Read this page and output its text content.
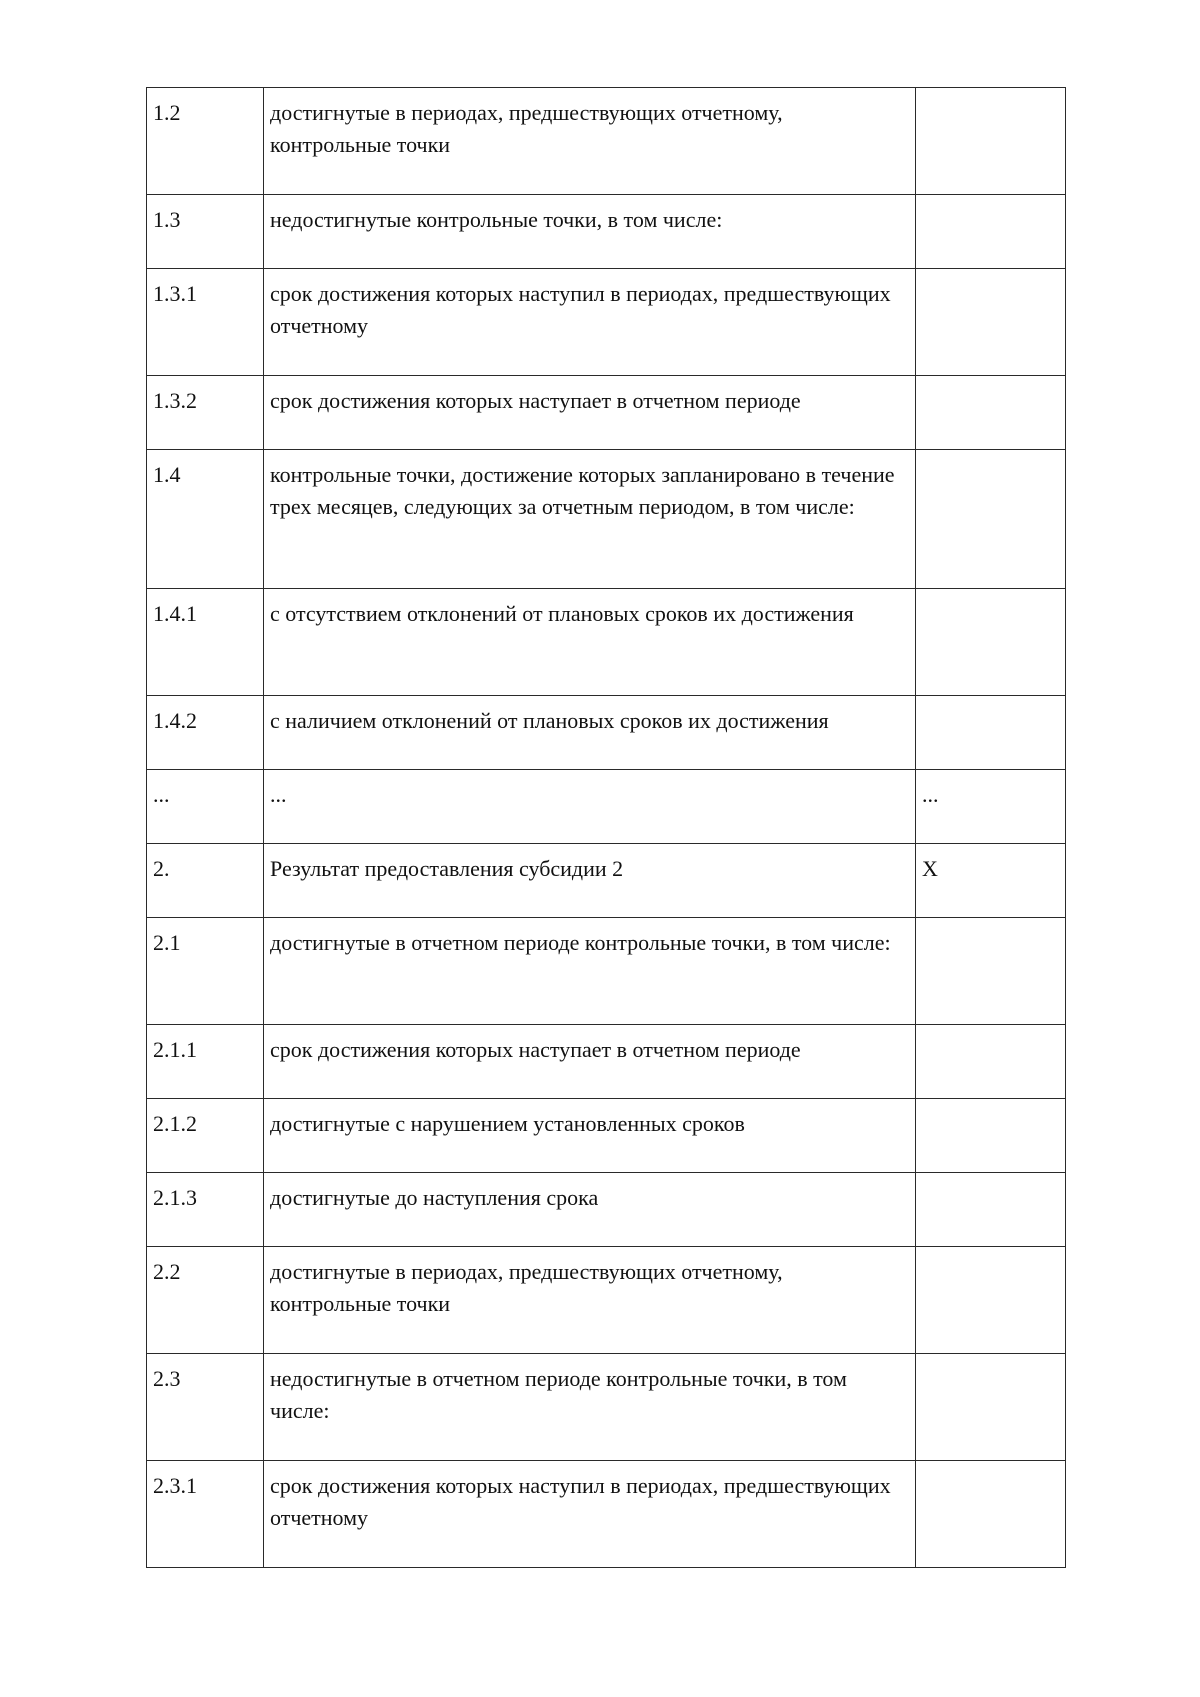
1.2	достигнутые в периодах, предшествующих отчетному, контрольные точки	
1.3	недостигнутые контрольные точки, в том числе:	
1.3.1	срок достижения которых наступил в периодах, предшествующих отчетному	
1.3.2	срок достижения которых наступает в отчетном периоде	
1.4	контрольные точки, достижение которых запланировано в течение трех месяцев, следующих за отчетным периодом, в том числе:	
1.4.1	с отсутствием отклонений от плановых сроков их достижения	
1.4.2	с наличием отклонений от плановых сроков их достижения	
...	...	...
2.	Результат предоставления субсидии 2	X
2.1	достигнутые в отчетном периоде контрольные точки, в том числе:	
2.1.1	срок достижения которых наступает в отчетном периоде	
2.1.2	достигнутые с нарушением установленных сроков	
2.1.3	достигнутые до наступления срока	
2.2	достигнутые в периодах, предшествующих отчетному, контрольные точки	
2.3	недостигнутые в отчетном периоде контрольные точки, в том числе:	
2.3.1	срок достижения которых наступил в периодах, предшествующих отчетному	
